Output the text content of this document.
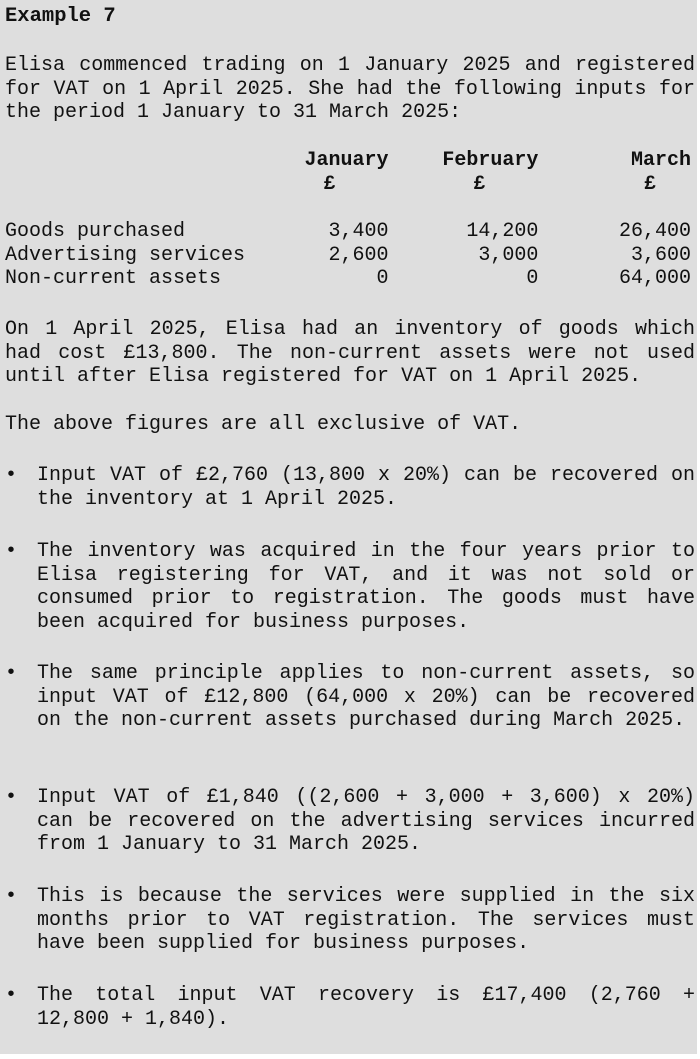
Example 7

Elisa commenced trading on 1 January 2025 and registered for VAT on 1 April 2025. She had the following inputs for the period 1 January to 31 March 2025:

	January	February	March
	£	£	£

Goods purchased	3,400	14,200	26,400
Advertising services	2,600	3,000	3,600
Non-current assets	0	0	64,000

On 1 April 2025, Elisa had an inventory of goods which had cost £13,800. The non-current assets were not used until after Elisa registered for VAT on 1 April 2025.

The above figures are all exclusive of VAT.

• Input VAT of £2,760 (13,800 x 20%) can be recovered on the inventory at 1 April 2025.
• The inventory was acquired in the four years prior to Elisa registering for VAT, and it was not sold or consumed prior to registration. The goods must have been acquired for business purposes.
• The same principle applies to non-current assets, so input VAT of £12,800 (64,000 x 20%) can be recovered on the non-current assets purchased during March 2025.
• Input VAT of £1,840 ((2,600 + 3,000 + 3,600) x 20%) can be recovered on the advertising services incurred from 1 January to 31 March 2025.
• This is because the services were supplied in the six months prior to VAT registration. The services must have been supplied for business purposes.
• The total input VAT recovery is £17,400 (2,760 + 12,800 + 1,840).
